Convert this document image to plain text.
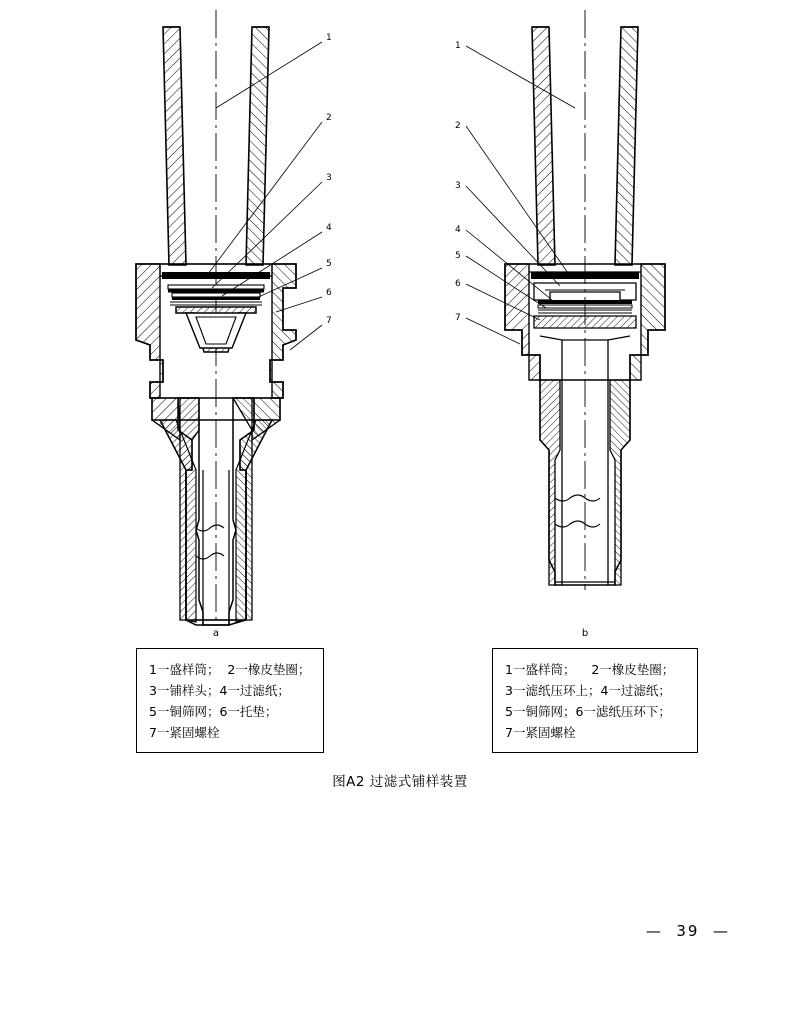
1
2
3
4
5
6
7
1
2
3
4
5
6
7
a	b
1一盛样筒；  2一橡皮垫圈；
3一铺样头；4一过滤纸；
5一铜筛网；6一托垫；
7一紧固螺栓
1一盛样筒；    2一橡皮垫圈；
3一滤纸压环上；4一过滤纸；
5一铜筛网；6一滤纸压环下；
7一紧固螺栓
图A2 过滤式铺样装置
—  39  —
